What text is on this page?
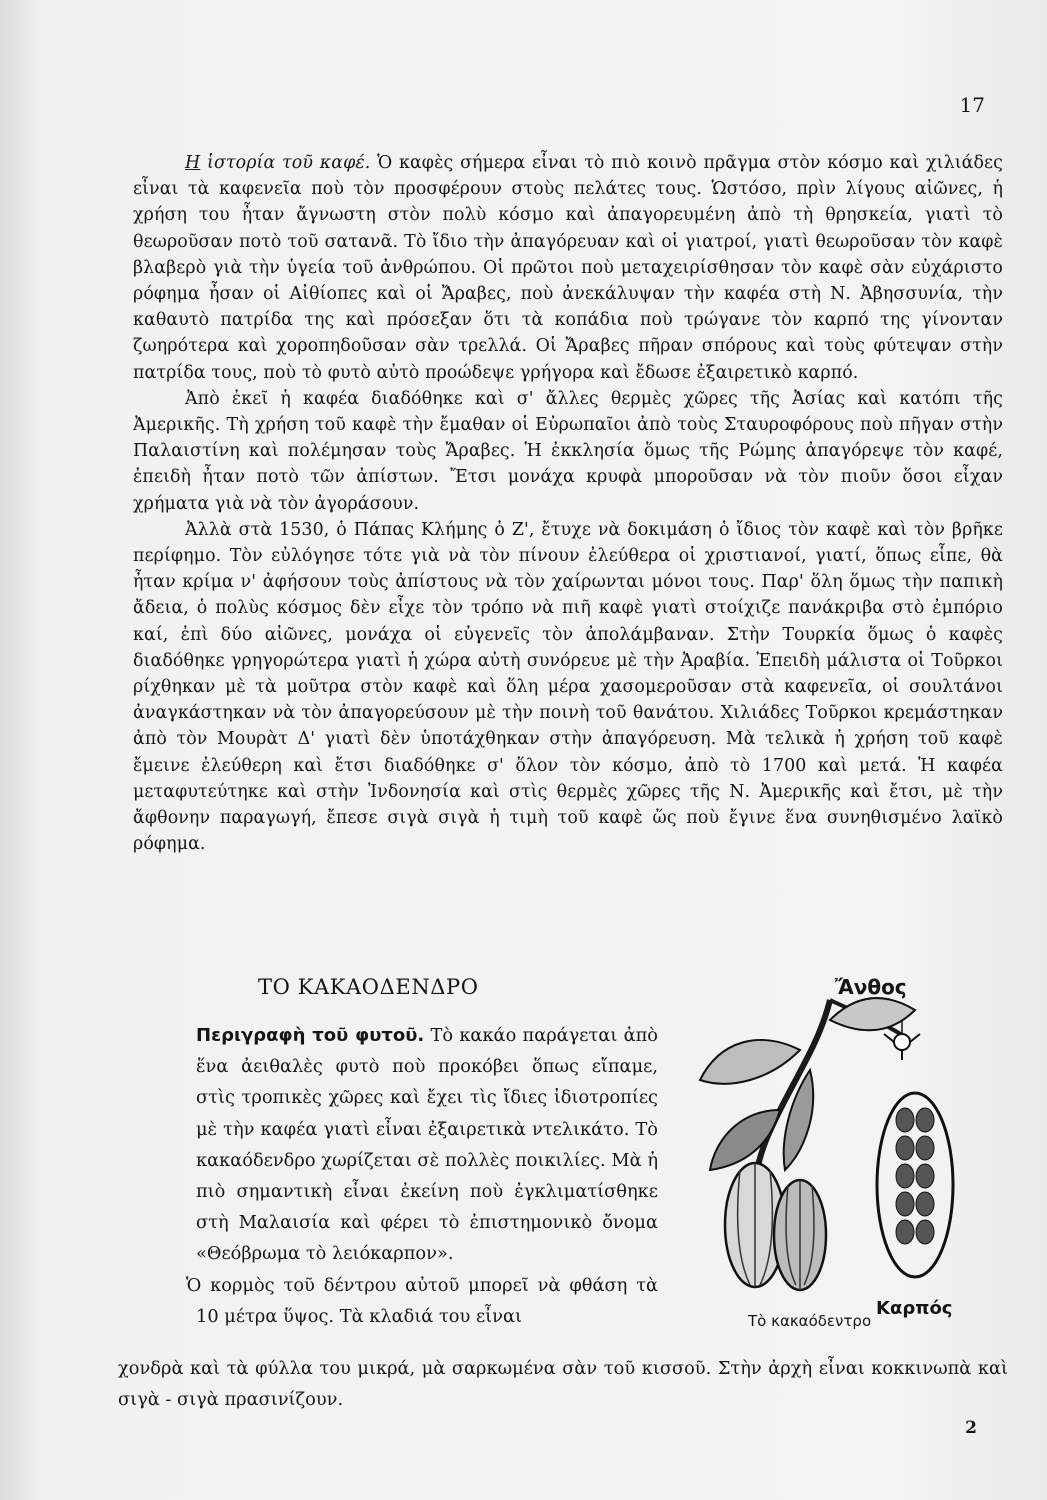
17

Η ἱστορία τοῦ καφέ. Ὁ καφὲς σήμερα εἶναι τὸ πιὸ κοινὸ πρᾶγμα στὸν κόσμο καὶ χιλιάδες εἶναι τὰ καφενεῖα ποὺ τὸν προσφέρουν στοὺς πελάτες τους. Ὡστόσο, πρὶν λίγους αἰῶνες, ἡ χρήση του ἦταν ἄγνωστη στὸν πολὺ κόσμο καὶ ἀπαγορευμένη ἀπὸ τὴ θρησκεία, γιατὶ τὸ θεωροῦσαν ποτὸ τοῦ σατανᾶ. Τὸ ἴδιο τὴν ἀπαγόρευαν καὶ οἱ γιατροί, γιατὶ θεωροῦσαν τὸν καφὲ βλαβερὸ γιὰ τὴν ὑγεία τοῦ ἀνθρώπου. Οἱ πρῶτοι ποὺ μεταχειρίσθησαν τὸν καφὲ σὰν εὐχάριστο ρόφημα ἦσαν οἱ Αἰθίοπες καὶ οἱ Ἄραβες, ποὺ ἀνεκάλυψαν τὴν καφέα στὴ Ν. Ἀβησσυνία, τὴν καθαυτὸ πατρίδα της καὶ πρόσεξαν ὅτι τὰ κοπάδια ποὺ τρώγανε τὸν καρπό της γίνονταν ζωηρότερα καὶ χοροπηδοῦσαν σὰν τρελλά. Οἱ Ἄραβες πῆραν σπόρους καὶ τοὺς φύτεψαν στὴν πατρίδα τους, ποὺ τὸ φυτὸ αὐτὸ προώδεψε γρήγορα καὶ ἔδωσε ἐξαιρετικὸ καρπό.

Ἀπὸ ἐκεῖ ἡ καφέα διαδόθηκε καὶ σ' ἄλλες θερμὲς χῶρες τῆς Ἀσίας καὶ κατόπι τῆς Ἀμερικῆς. Τὴ χρήση τοῦ καφὲ τὴν ἔμαθαν οἱ Εὐρωπαῖοι ἀπὸ τοὺς Σταυροφόρους ποὺ πῆγαν στὴν Παλαιστίνη καὶ πολέμησαν τοὺς Ἄραβες. Ἡ ἐκκλησία ὅμως τῆς Ρώμης ἀπαγόρεψε τὸν καφέ, ἐπειδὴ ἦταν ποτὸ τῶν ἀπίστων. Ἔτσι μονάχα κρυφὰ μποροῦσαν νὰ τὸν πιοῦν ὅσοι εἶχαν χρήματα γιὰ νὰ τὸν ἀγοράσουν.

Ἀλλὰ στὰ 1530, ὁ Πάπας Κλήμης ὁ Ζ', ἔτυχε νὰ δοκιμάση ὁ ἴδιος τὸν καφὲ καὶ τὸν βρῆκε περίφημο. Τὸν εὐλόγησε τότε γιὰ νὰ τὸν πίνουν ἐλεύθερα οἱ χριστιανοί, γιατί, ὅπως εἶπε, θὰ ἦταν κρίμα ν' ἀφήσουν τοὺς ἀπίστους νὰ τὸν χαίρωνται μόνοι τους. Παρ' ὅλη ὅμως τὴν παπικὴ ἄδεια, ὁ πολὺς κόσμος δὲν εἶχε τὸν τρόπο νὰ πιῆ καφὲ γιατὶ στοίχιζε πανάκριβα στὸ ἐμπόριο καί, ἐπὶ δύο αἰῶνες, μονάχα οἱ εὐγενεῖς τὸν ἀπολάμβαναν. Στὴν Τουρκία ὅμως ὁ καφὲς διαδόθηκε γρηγορώτερα γιατὶ ἡ χώρα αὐτὴ συνόρευε μὲ τὴν Ἀραβία. Ἐπειδὴ μάλιστα οἱ Τοῦρκοι ρίχθηκαν μὲ τὰ μοῦτρα στὸν καφὲ καὶ ὅλη μέρα χασομεροῦσαν στὰ καφενεῖα, οἱ σουλτάνοι ἀναγκάστηκαν νὰ τὸν ἀπαγορεύσουν μὲ τὴν ποινὴ τοῦ θανάτου. Χιλιάδες Τοῦρκοι κρεμάστηκαν ἀπὸ τὸν Μουρὰτ Δ' γιατὶ δὲν ὑποτάχθηκαν στὴν ἀπαγόρευση. Μὰ τελικὰ ἡ χρήση τοῦ καφὲ ἔμεινε ἐλεύθερη καὶ ἔτσι διαδόθηκε σ' ὅλον τὸν κόσμο, ἀπὸ τὸ 1700 καὶ μετά. Ἡ καφέα μεταφυτεύτηκε καὶ στὴν Ἰνδονησία καὶ στὶς θερμὲς χῶρες τῆς Ν. Ἀμερικῆς καὶ ἔτσι, μὲ τὴν ἄφθονην παραγωγή, ἔπεσε σιγὰ σιγὰ ἡ τιμὴ τοῦ καφὲ ὥς ποὺ ἔγινε ἕνα συνηθισμένο λαϊκὸ ρόφημα.

ΤΟ ΚΑΚΑΟΔΕΝΔΡΟ

Περιγραφὴ τοῦ φυτοῦ. Τὸ κακάο παράγεται ἀπὸ ἕνα ἀειθαλὲς φυτὸ ποὺ προκόβει ὅπως εἴπαμε, στὶς τροπικὲς χῶρες καὶ ἔχει τὶς ἴδιες ἰδιοτροπίες μὲ τὴν καφέα γιατὶ εἶναι ἐξαιρετικὰ ντελικάτο. Τὸ κακαόδενδρο χωρίζεται σὲ πολλὲς ποικιλίες. Μὰ ἡ πιὸ σημαντικὴ εἶναι ἐκείνη ποὺ ἐγκλιματίσθηκε στὴ Μαλαισία καὶ φέρει τὸ ἐπιστημονικὸ ὄνομα «Θεόβρωμα τὸ λειόκαρπον».

Ὁ κορμὸς τοῦ δέντρου αὐτοῦ μπορεῖ νὰ φθάση τὰ 10 μέτρα ὕψος. Τὰ κλαδιά του εἶναι

χονδρὰ καὶ τὰ φύλλα του μικρά, μὰ σαρκωμένα σὰν τοῦ κισσοῦ. Στὴν ἀρχὴ εἶναι κοκκινωπὰ καὶ σιγὰ - σιγὰ πρασινίζουν.
Ἄνθος
Καρπός
Τὸ κακαόδεντρο
2
